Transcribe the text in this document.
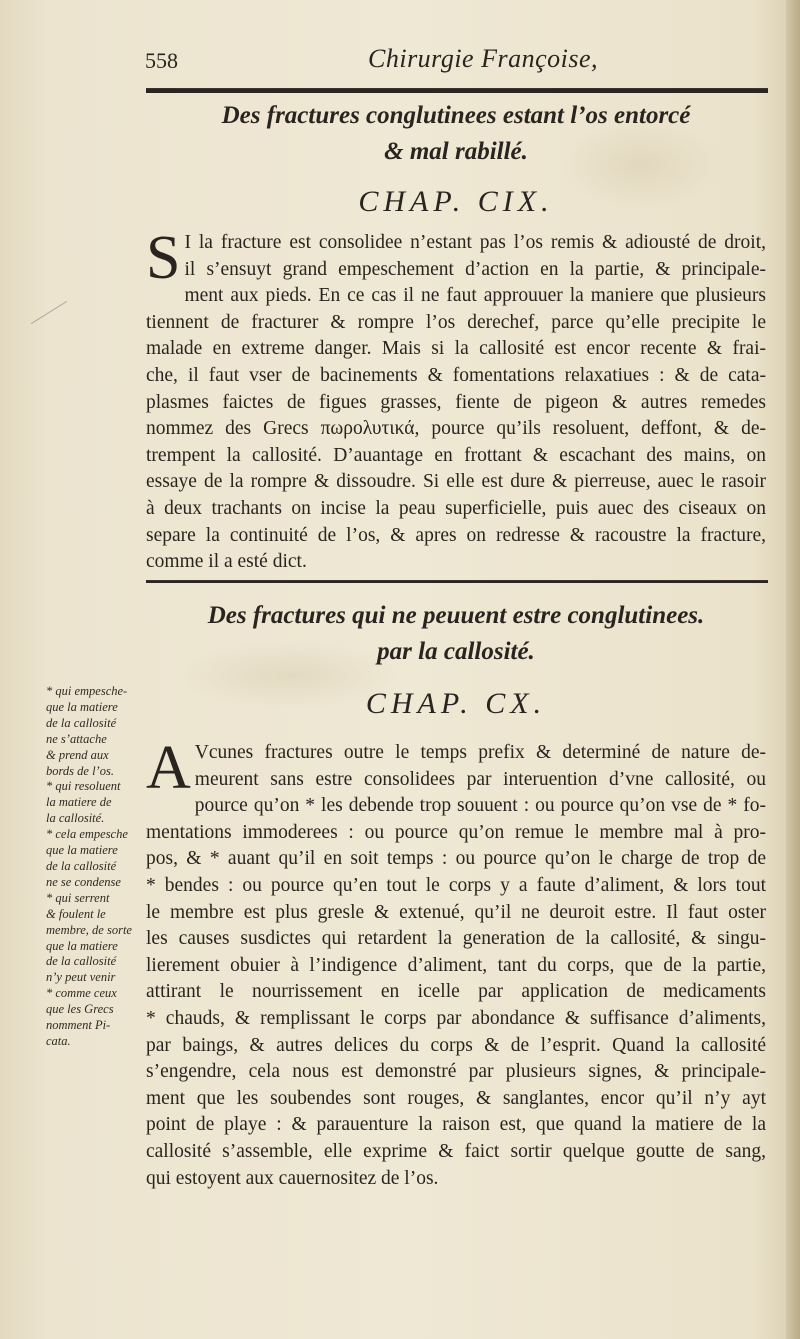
558	Chirurgie Françoise,
Des fractures conglutinees estant l’os entorcé
& mal rabillé.
CHAP. CIX.
S I la fracture est consolidee n’estant pas l’os remis & adiousté de droit,
il s’ensuyt grand empeschement d’action en la partie, & principale-
ment aux pieds. En ce cas il ne faut approuuer la maniere que plusieurs
tiennent de fracturer & rompre l’os derechef, parce qu’elle precipite le
malade en extreme danger. Mais si la callosité est encor recente & frai-
che, il faut vser de bacinements & fomentations relaxatiues : & de cata-
plasmes faictes de figues grasses, fiente de pigeon & autres remedes
nommez des Grecs πωρολυτικά, pource qu’ils resoluent, deffont, & de-
trempent la callosité. D’auantage en frottant & escachant des mains, on
essaye de la rompre & dissoudre. Si elle est dure & pierreuse, auec le rasoir
à deux trachants on incise la peau superficielle, puis auec des ciseaux on
separe la continuité de l’os, & apres on redresse & racoustre la fracture,
comme il a esté dict.
Des fractures qui ne peuuent estre conglutinees.
par la callosité.
CHAP. CX.
A Vcunes fractures outre le temps prefix & determiné de nature de-
meurent sans estre consolidees par interuention d’vne callosité, ou
pource qu’on * les debende trop souuent : ou pource qu’on vse de * fo-
mentations immoderees : ou pource qu’on remue le membre mal à pro-
pos, & * auant qu’il en soit temps : ou pource qu’on le charge de trop de
* bendes : ou pource qu’en tout le corps y a faute d’aliment, & lors tout
le membre est plus gresle & extenué, qu’il ne deuroit estre. Il faut oster
les causes susdictes qui retardent la generation de la callosité, & singu-
lierement obuier à l’indigence d’aliment, tant du corps, que de la partie,
attirant le nourrissement en icelle par application de medicaments
* chauds, & remplissant le corps par abondance & suffisance d’aliments,
par baings, & autres delices du corps & de l’esprit. Quand la callosité
s’engendre, cela nous est demonstré par plusieurs signes, & principale-
ment que les soubendes sont rouges, & sanglantes, encor qu’il n’y ayt
point de playe : & parauenture la raison est, que quand la matiere de la
callosité s’assemble, elle exprime & faict sortir quelque goutte de sang,
qui estoyent aux cauernositez de l’os.
* qui empesche-
que la matiere
de la callosité
ne s’attache
& prend aux
bords de l’os.
* qui resoluent
la matiere de
la callosité.
* cela empesche
que la matiere
de la callosité
ne se condense
* qui serrent
& foulent le
membre, de sorte
que la matiere
de la callosité
n’y peut venir
* comme ceux
que les Grecs
nomment Pi-
cata.
